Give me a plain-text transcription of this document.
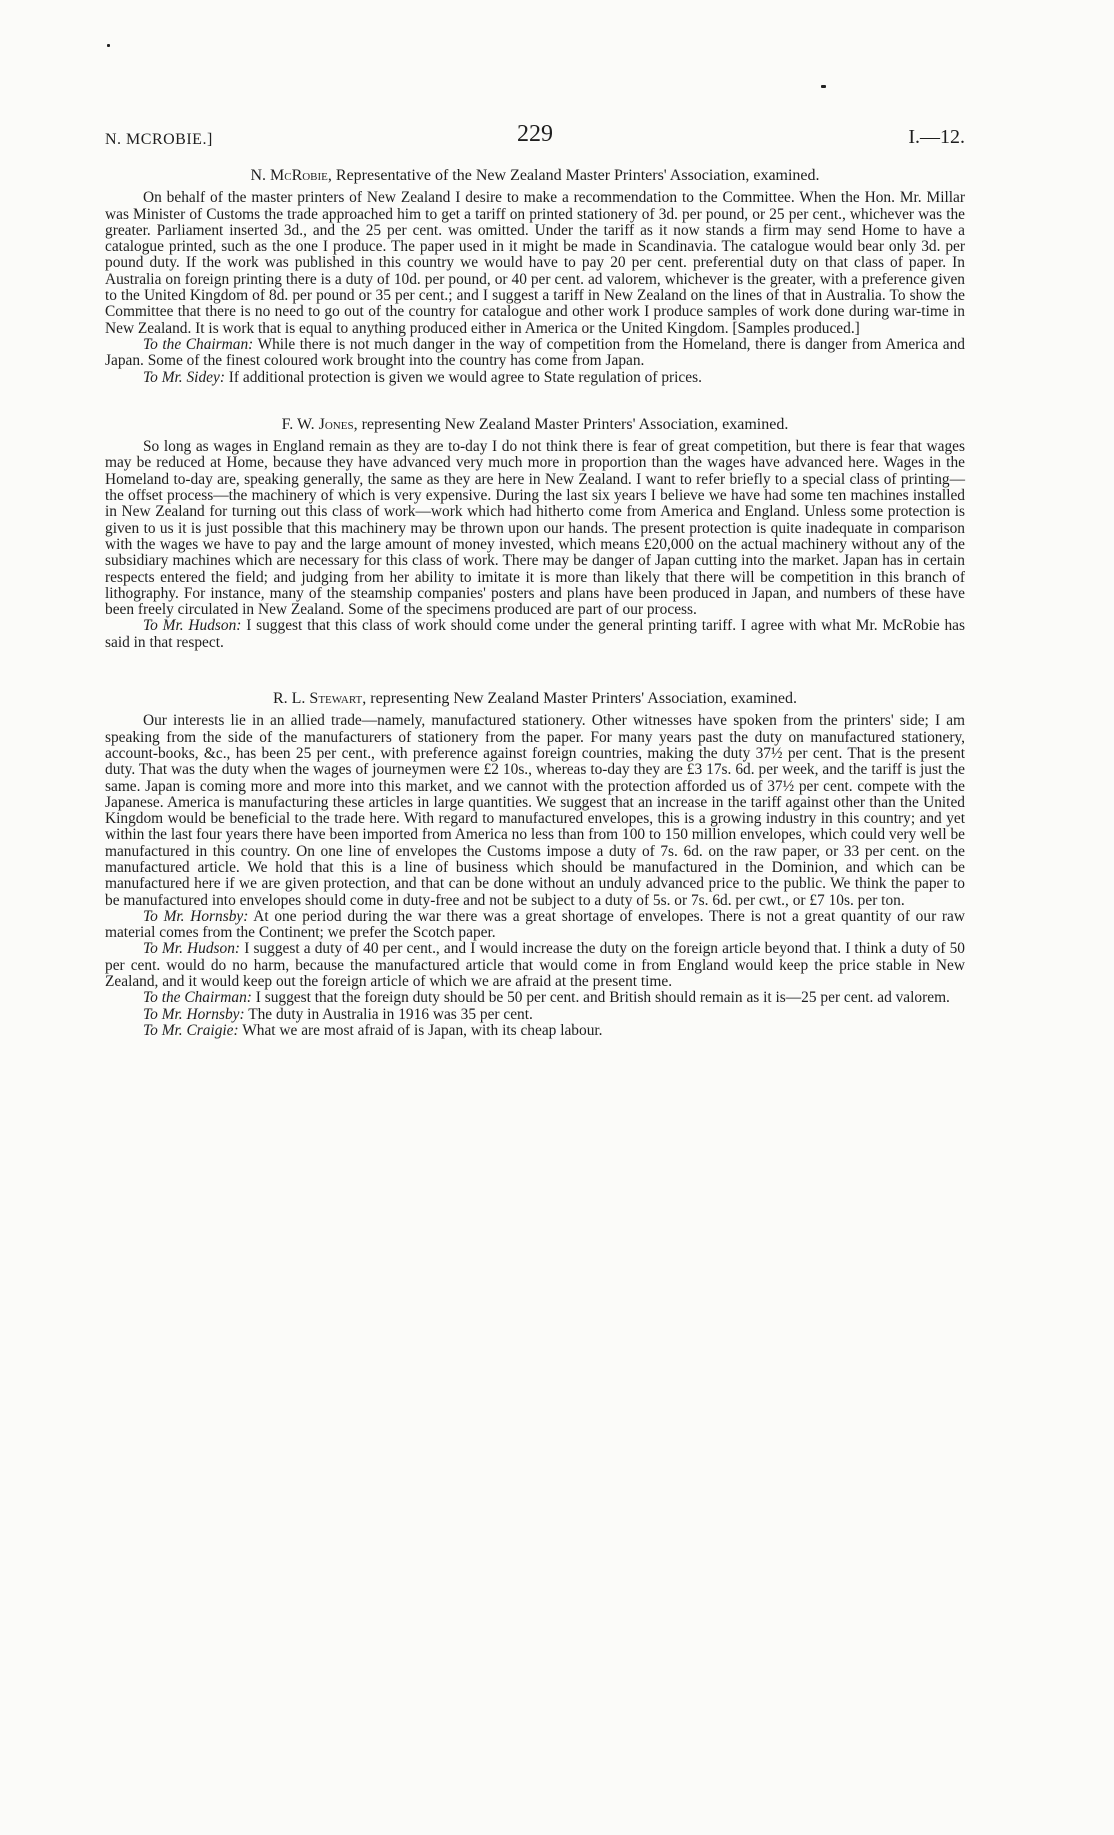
N. MCROBIE.]	229	I.—12.

N. McRobie, Representative of the New Zealand Master Printers' Association, examined.

On behalf of the master printers of New Zealand I desire to make a recommendation to the Committee. When the Hon. Mr. Millar was Minister of Customs the trade approached him to get a tariff on printed stationery of 3d. per pound, or 25 per cent., whichever was the greater. Parliament inserted 3d., and the 25 per cent. was omitted. Under the tariff as it now stands a firm may send Home to have a catalogue printed, such as the one I produce. The paper used in it might be made in Scandinavia. The catalogue would bear only 3d. per pound duty. If the work was published in this country we would have to pay 20 per cent. preferential duty on that class of paper. In Australia on foreign printing there is a duty of 10d. per pound, or 40 per cent. ad valorem, whichever is the greater, with a preference given to the United Kingdom of 8d. per pound or 35 per cent.; and I suggest a tariff in New Zealand on the lines of that in Australia. To show the Committee that there is no need to go out of the country for catalogue and other work I produce samples of work done during war-time in New Zealand. It is work that is equal to anything produced either in America or the United Kingdom. [Samples produced.]

To the Chairman: While there is not much danger in the way of competition from the Homeland, there is danger from America and Japan. Some of the finest coloured work brought into the country has come from Japan.

To Mr. Sidey: If additional protection is given we would agree to State regulation of prices.

F. W. Jones, representing New Zealand Master Printers' Association, examined.

So long as wages in England remain as they are to-day I do not think there is fear of great competition, but there is fear that wages may be reduced at Home, because they have advanced very much more in proportion than the wages have advanced here. Wages in the Homeland to-day are, speaking generally, the same as they are here in New Zealand. I want to refer briefly to a special class of printing—the offset process—the machinery of which is very expensive. During the last six years I believe we have had some ten machines installed in New Zealand for turning out this class of work—work which had hitherto come from America and England. Unless some protection is given to us it is just possible that this machinery may be thrown upon our hands. The present protection is quite inadequate in comparison with the wages we have to pay and the large amount of money invested, which means £20,000 on the actual machinery without any of the subsidiary machines which are necessary for this class of work. There may be danger of Japan cutting into the market. Japan has in certain respects entered the field; and judging from her ability to imitate it is more than likely that there will be competition in this branch of lithography. For instance, many of the steamship companies' posters and plans have been produced in Japan, and numbers of these have been freely circulated in New Zealand. Some of the specimens produced are part of our process.

To Mr. Hudson: I suggest that this class of work should come under the general printing tariff. I agree with what Mr. McRobie has said in that respect.

R. L. Stewart, representing New Zealand Master Printers' Association, examined.

Our interests lie in an allied trade—namely, manufactured stationery. Other witnesses have spoken from the printers' side; I am speaking from the side of the manufacturers of stationery from the paper. For many years past the duty on manufactured stationery, account-books, &c., has been 25 per cent., with preference against foreign countries, making the duty 37½ per cent. That is the present duty. That was the duty when the wages of journeymen were £2 10s., whereas to-day they are £3 17s. 6d. per week, and the tariff is just the same. Japan is coming more and more into this market, and we cannot with the protection afforded us of 37½ per cent. compete with the Japanese. America is manufacturing these articles in large quantities. We suggest that an increase in the tariff against other than the United Kingdom would be beneficial to the trade here. With regard to manufactured envelopes, this is a growing industry in this country; and yet within the last four years there have been imported from America no less than from 100 to 150 million envelopes, which could very well be manufactured in this country. On one line of envelopes the Customs impose a duty of 7s. 6d. on the raw paper, or 33 per cent. on the manufactured article. We hold that this is a line of business which should be manufactured in the Dominion, and which can be manufactured here if we are given protection, and that can be done without an unduly advanced price to the public. We think the paper to be manufactured into envelopes should come in duty-free and not be subject to a duty of 5s. or 7s. 6d. per cwt., or £7 10s. per ton.

To Mr. Hornsby: At one period during the war there was a great shortage of envelopes. There is not a great quantity of our raw material comes from the Continent; we prefer the Scotch paper.

To Mr. Hudson: I suggest a duty of 40 per cent., and I would increase the duty on the foreign article beyond that. I think a duty of 50 per cent. would do no harm, because the manufactured article that would come in from England would keep the price stable in New Zealand, and it would keep out the foreign article of which we are afraid at the present time.

To the Chairman: I suggest that the foreign duty should be 50 per cent. and British should remain as it is—25 per cent. ad valorem.

To Mr. Hornsby: The duty in Australia in 1916 was 35 per cent.

To Mr. Craigie: What we are most afraid of is Japan, with its cheap labour.
